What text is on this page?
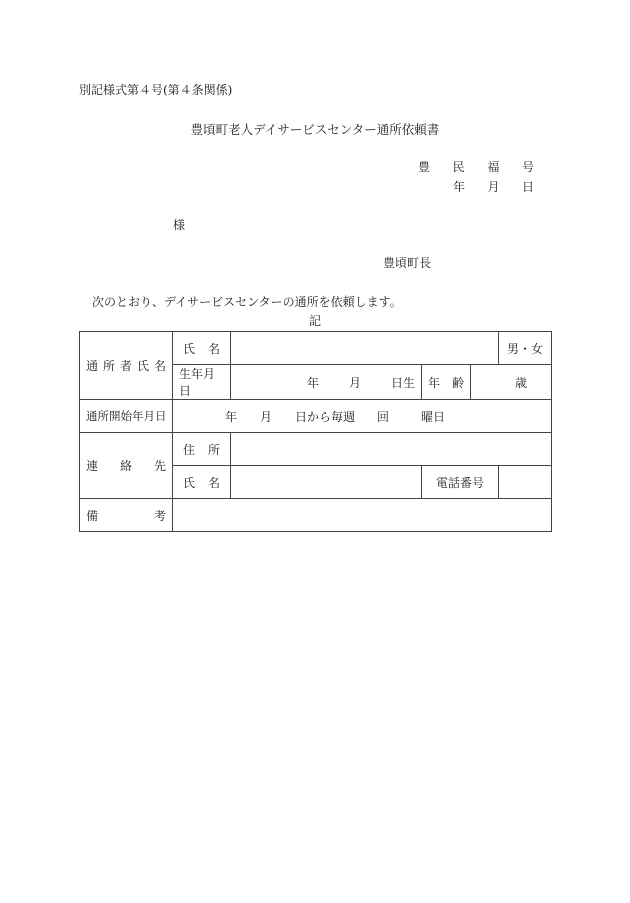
別記様式第４号(第４条関係)
豊頃町老人デイサービスセンター通所依頼書
豊 民 福 号
年 月 日
様
豊頃町長
次のとおり、デイサービスセンターの通所を依頼します。
記
通所者氏名	氏 名				男・女
	生年月日	年 月 日生	年 齢	歳	
通所開始年月日	年 月 日から毎週 回 曜日				

連絡先	住 所				

	氏 名		電話番号		
備考					
